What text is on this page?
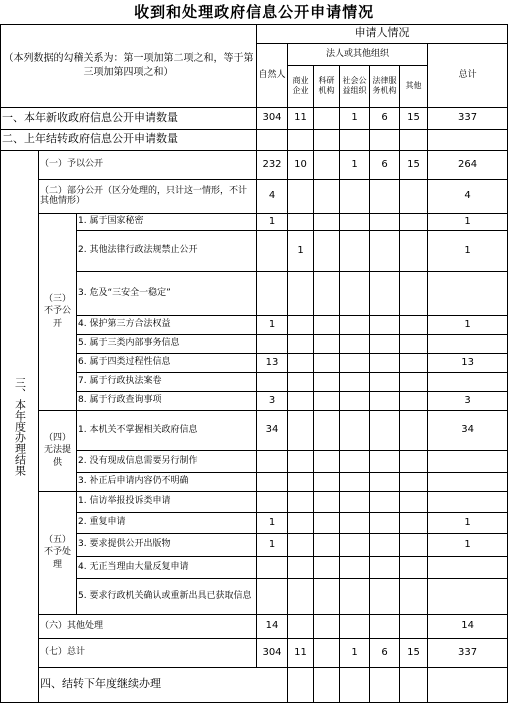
收到和处理政府信息公开申请情况										
（本列数据的勾稽关系为：第一项加第二项之和，等于第三项加第四项之和）			申请人情况							
			自然人	法人或其他组织					总计	
				商业企业	科研机构	社会公益组织	法律服务机构	其他		
一、本年新收政府信息公开申请数量			304	11		1	6	15	337	
二、上年结转政府信息公开申请数量										
三、本年度办理结果	（一）予以公开		232	10		1	6	15	264	
	（二）部分公开（区分处理的，只计这一情形，不计其他情形）		4						4	
	（三）不予公开	1. 属于国家秘密	1						1	
		2. 其他法律行政法规禁止公开		1					1	
		3. 危及“三安全一稳定”								
		4. 保护第三方合法权益	1						1	
		5. 属于三类内部事务信息								
		6. 属于四类过程性信息	13						13	
		7. 属于行政执法案卷								
		8. 属于行政查询事项	3						3	
	（四）无法提供	1. 本机关不掌握相关政府信息	34						34	
		2. 没有现成信息需要另行制作								
		3. 补正后申请内容仍不明确								
	（五）不予处理	1. 信访举报投诉类申请								
		2. 重复申请	1						1	
		3. 要求提供公开出版物	1						1	
		4. 无正当理由大量反复申请								
		5. 要求行政机关确认或重新出具已获取信息								
	（六）其他处理		14						14	
	（七）总计		304	11		1	6	15	337	
	四、结转下年度继续办理									
